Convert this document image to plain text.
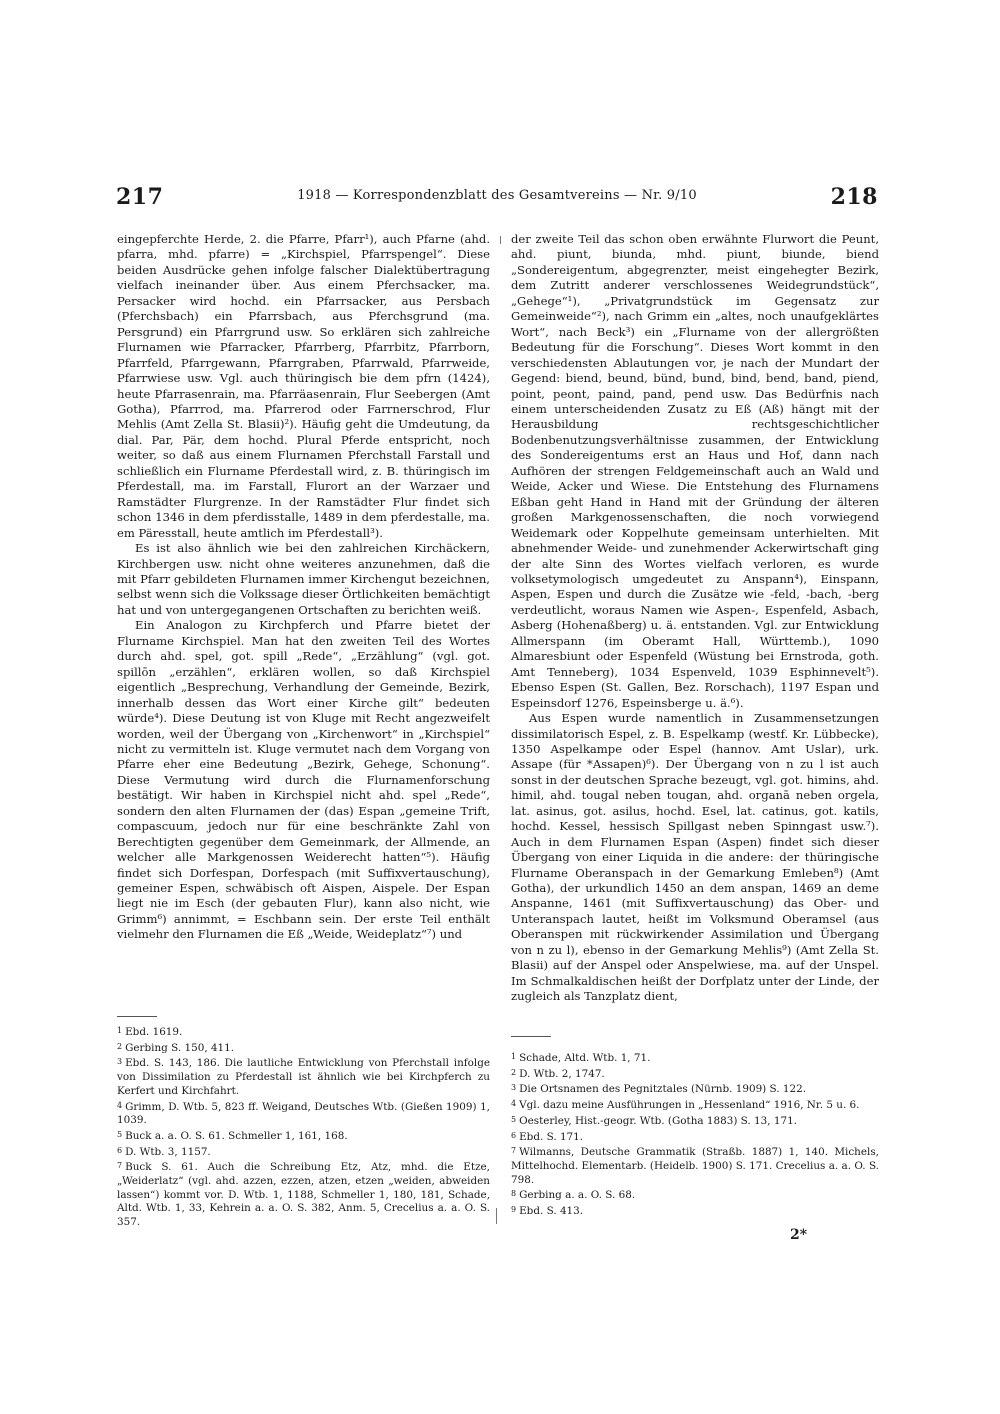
217	1918 — Korrespondenzblatt des Gesamtvereins — Nr. 9/10	218

eingepferchte Herde, 2. die Pfarre, Pfarr¹), auch Pfarne (ahd. pfarra, mhd. pfarre) = „Kirchspiel, Pfarrspengel“. Diese beiden Ausdrücke gehen infolge falscher Dialektübertragung vielfach ineinander über. Aus einem Pferchsacker, ma. Persacker wird hochd. ein Pfarrsacker, aus Persbach (Pferchsbach) ein Pfarrsbach, aus Pferchsgrund (ma. Persgrund) ein Pfarrgrund usw. So erklären sich zahlreiche Flurnamen wie Pfarracker, Pfarrberg, Pfarrbitz, Pfarrborn, Pfarrfeld, Pfarrgewann, Pfarrgraben, Pfarrwald, Pfarrweide, Pfarrwiese usw. Vgl. auch thüringisch bie dem pfrn (1424), heute Pfarrasenrain, ma. Pfarräasenrain, Flur Seebergen (Amt Gotha), Pfarrrod, ma. Pfarrerod oder Farrnerschrod, Flur Mehlis (Amt Zella St. Blasii)²). Häufig geht die Umdeutung, da dial. Par, Pär, dem hochd. Plural Pferde entspricht, noch weiter, so daß aus einem Flurnamen Pferchstall Farstall und schließlich ein Flurname Pferdestall wird, z. B. thüringisch im Pferdestall, ma. im Farstall, Flurort an der Warzaer und Ramstädter Flurgrenze. In der Ramstädter Flur findet sich schon 1346 in dem pferdisstalle, 1489 in dem pferdestalle, ma. em Päresstall, heute amtlich im Pferdestall³).

Es ist also ähnlich wie bei den zahlreichen Kirchäckern, Kirchbergen usw. nicht ohne weiteres anzunehmen, daß die mit Pfarr gebildeten Flurnamen immer Kirchengut bezeichnen, selbst wenn sich die Volkssage dieser Örtlichkeiten bemächtigt hat und von untergegangenen Ortschaften zu berichten weiß.

Ein Analogon zu Kirchpferch und Pfarre bietet der Flurname Kirchspiel. Man hat den zweiten Teil des Wortes durch ahd. spel, got. spill „Rede“, „Erzählung“ (vgl. got. spillōn „erzählen“, erklären wollen, so daß Kirchspiel eigentlich „Besprechung, Verhandlung der Gemeinde, Bezirk, innerhalb dessen das Wort einer Kirche gilt“ bedeuten würde⁴). Diese Deutung ist von Kluge mit Recht angezweifelt worden, weil der Übergang von „Kirchenwort“ in „Kirchspiel“ nicht zu vermitteln ist. Kluge vermutet nach dem Vorgang von Pfarre eher eine Bedeutung „Bezirk, Gehege, Schonung“. Diese Vermutung wird durch die Flurnamenforschung bestätigt. Wir haben in Kirchspiel nicht ahd. spel „Rede“, sondern den alten Flurnamen der (das) Espan „gemeine Trift, compascuum, jedoch nur für eine beschränkte Zahl von Berechtigten gegenüber dem Gemeinmark, der Allmende, an welcher alle Markgenossen Weiderecht hatten“⁵). Häufig findet sich Dorfespan, Dorfespach (mit Suffixvertauschung), gemeiner Espen, schwäbisch oft Aispen, Aispele. Der Espan liegt nie im Esch (der gebauten Flur), kann also nicht, wie Grimm⁶) annimmt, = Eschbann sein. Der erste Teil enthält vielmehr den Flurnamen die Eß „Weide, Weideplatz“⁷) und

der zweite Teil das schon oben erwähnte Flurwort die Peunt, ahd. piunt, biunda, mhd. piunt, biunde, biend „Sondereigentum, abgegrenzter, meist eingehegter Bezirk, dem Zutritt anderer verschlossenes Weidegrundstück“, „Gehege“¹), „Privatgrundstück im Gegensatz zur Gemeinweide“²), nach Grimm ein „altes, noch unaufgeklärtes Wort“, nach Beck³) ein „Flurname von der allergrößten Bedeutung für die Forschung“. Dieses Wort kommt in den verschiedensten Ablautungen vor, je nach der Mundart der Gegend: biend, beund, bünd, bund, bind, bend, band, piend, point, peont, paind, pand, pend usw. Das Bedürfnis nach einem unterscheidenden Zusatz zu Eß (Aß) hängt mit der Herausbildung rechtsgeschichtlicher Bodenbenutzungsverhältnisse zusammen, der Entwicklung des Sondereigentums erst an Haus und Hof, dann nach Aufhören der strengen Feldgemeinschaft auch an Wald und Weide, Acker und Wiese. Die Entstehung des Flurnamens Eßban geht Hand in Hand mit der Gründung der älteren großen Markgenossenschaften, die noch vorwiegend Weidemark oder Koppelhute gemeinsam unterhielten. Mit abnehmender Weide- und zunehmender Ackerwirtschaft ging der alte Sinn des Wortes vielfach verloren, es wurde volksetymologisch umgedeutet zu Anspann⁴), Einspann, Aspen, Espen und durch die Zusätze wie -feld, -bach, -berg verdeutlicht, woraus Namen wie Aspen-, Espenfeld, Asbach, Asberg (Hohenaßberg) u. ä. entstanden. Vgl. zur Entwicklung Allmerspann (im Oberamt Hall, Württemb.), 1090 Almaresbiunt oder Espenfeld (Wüstung bei Ernstroda, goth. Amt Tenneberg), 1034 Espenveld, 1039 Esphinnevelt⁵). Ebenso Espen (St. Gallen, Bez. Rorschach), 1197 Espan und Espeinsdorf 1276, Espeinsberge u. ä.⁶).

Aus Espen wurde namentlich in Zusammensetzungen dissimilatorisch Espel, z. B. Espelkamp (westf. Kr. Lübbecke), 1350 Aspelkampe oder Espel (hannov. Amt Uslar), urk. Assape (für *Assapen)⁶). Der Übergang von n zu l ist auch sonst in der deutschen Sprache bezeugt, vgl. got. himins, ahd. himil, ahd. tougal neben tougan, ahd. organā neben orgela, lat. asinus, got. asilus, hochd. Esel, lat. catinus, got. katils, hochd. Kessel, hessisch Spillgast neben Spinngast usw.⁷). Auch in dem Flurnamen Espan (Aspen) findet sich dieser Übergang von einer Liquida in die andere: der thüringische Flurname Oberanspach in der Gemarkung Emleben⁸) (Amt Gotha), der urkundlich 1450 an dem anspan, 1469 an deme Anspanne, 1461 (mit Suffixvertauschung) das Ober- und Unteranspach lautet, heißt im Volksmund Oberamsel (aus Oberanspen mit rückwirkender Assimilation und Übergang von n zu l), ebenso in der Gemarkung Mehlis⁹) (Amt Zella St. Blasii) auf der Anspel oder Anspelwiese, ma. auf der Unspel. Im Schmalkaldischen heißt der Dorfplatz unter der Linde, der zugleich als Tanzplatz dient,

1 Ebd. 1619.

2 Gerbing S. 150, 411.

3 Ebd. S. 143, 186. Die lautliche Entwicklung von Pferchstall infolge von Dissimilation zu Pferdestall ist ähnlich wie bei Kirchpferch zu Kerfert und Kirchfahrt.

4 Grimm, D. Wtb. 5, 823 ff. Weigand, Deutsches Wtb. (Gießen 1909) 1, 1039.

5 Buck a. a. O. S. 61. Schmeller 1, 161, 168.

6 D. Wtb. 3, 1157.

7 Buck S. 61. Auch die Schreibung Etz, Atz, mhd. die Etze, „Weiderlatz“ (vgl. ahd. azzen, ezzen, atzen, etzen „weiden, abweiden lassen“) kommt vor. D. Wtb. 1, 1188, Schmeller 1, 180, 181, Schade, Altd. Wtb. 1, 33, Kehrein a. a. O. S. 382, Anm. 5, Crecelius a. a. O. S. 357.

1 Schade, Altd. Wtb. 1, 71.

2 D. Wtb. 2, 1747.

3 Die Ortsnamen des Pegnitztales (Nürnb. 1909) S. 122.

4 Vgl. dazu meine Ausführungen in „Hessenland“ 1916, Nr. 5 u. 6.

5 Oesterley, Hist.-geogr. Wtb. (Gotha 1883) S. 13, 171.

6 Ebd. S. 171.

7 Wilmanns, Deutsche Grammatik (Straßb. 1887) 1, 140. Michels, Mittelhochd. Elementarb. (Heidelb. 1900) S. 171. Crecelius a. a. O. S. 798.

8 Gerbing a. a. O. S. 68.

9 Ebd. S. 413.

2*
